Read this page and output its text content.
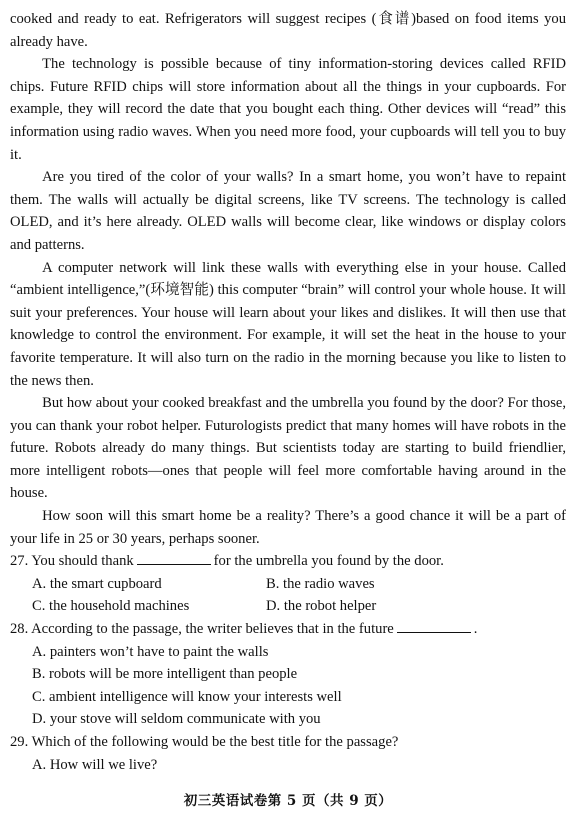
cooked and ready to eat. Refrigerators will suggest recipes (食谱)based on food items you already have.

The technology is possible because of tiny information-storing devices called RFID chips. Future RFID chips will store information about all the things in your cupboards. For example, they will record the date that you bought each thing. Other devices will “read” this information using radio waves. When you need more food, your cupboards will tell you to buy it.

Are you tired of the color of your walls? In a smart home, you won’t have to repaint them. The walls will actually be digital screens, like TV screens. The technology is called OLED, and it’s here already. OLED walls will become clear, like windows or display colors and patterns.

A computer network will link these walls with everything else in your house. Called “ambient intelligence,”(环境智能) this computer “brain” will control your whole house. It will suit your preferences. Your house will learn about your likes and dislikes. It will then use that knowledge to control the environment. For example, it will set the heat in the house to your favorite temperature. It will also turn on the radio in the morning because you like to listen to the news then.

But how about your cooked breakfast and the umbrella you found by the door? For those, you can thank your robot helper. Futurologists predict that many homes will have robots in the future. Robots already do many things. But scientists today are starting to build friendlier, more intelligent robots—ones that people will feel more comfortable having around in the house.

How soon will this smart home be a reality? There’s a good chance it will be a part of your life in 25 or 30 years, perhaps sooner.

27. You should thank	for the umbrella you found by the door.

A. the smart cupboard	B. the radio waves
C. the household machines	D. the robot helper

28. According to the passage, the writer believes that in the future	.

A. painters won’t have to paint the walls
B. robots will be more intelligent than people
C. ambient intelligence will know your interests well
D. your stove will seldom communicate with you

29. Which of the following would be the best title for the passage?

A. How will we live?
初三英语试卷第 5 页（共 9 页）
